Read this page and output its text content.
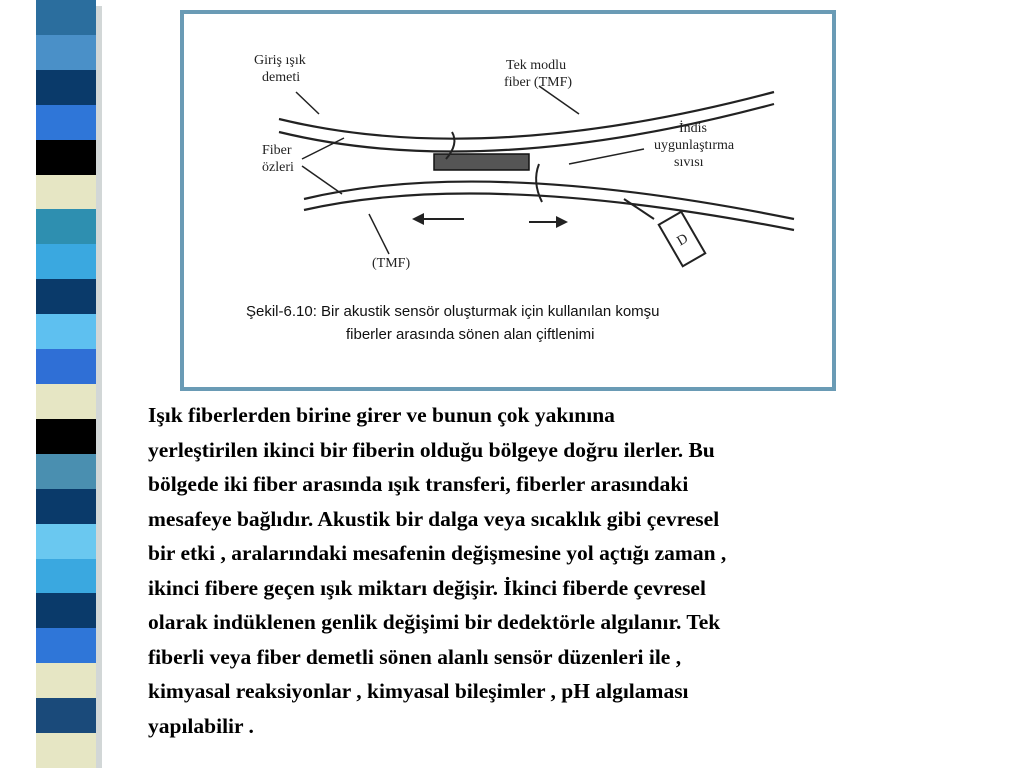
D
Giriş ışık
demeti
Tek modlu
fiber (TMF)
İndis
uygunlaştırma
sıvısı
Fiber
özleri
(TMF)
Şekil-6.10: Bir akustik sensör oluşturmak için kullanılan komşu
fiberler arasında sönen alan çiftlenimi
Işık fiberlerden birine girer ve bunun çok yakınına
yerleştirilen ikinci bir fiberin olduğu bölgeye doğru ilerler. Bu
bölgede iki fiber arasında ışık transferi, fiberler arasındaki
mesafeye bağlıdır. Akustik bir dalga veya sıcaklık gibi çevresel
bir etki , aralarındaki mesafenin değişmesine yol açtığı zaman ,
ikinci fibere geçen ışık miktarı değişir. İkinci fiberde çevresel
olarak indüklenen genlik değişimi bir dedektörle algılanır. Tek
fiberli veya fiber demetli sönen alanlı sensör düzenleri ile ,
kimyasal reaksiyonlar , kimyasal bileşimler , pH algılaması
yapılabilir .
